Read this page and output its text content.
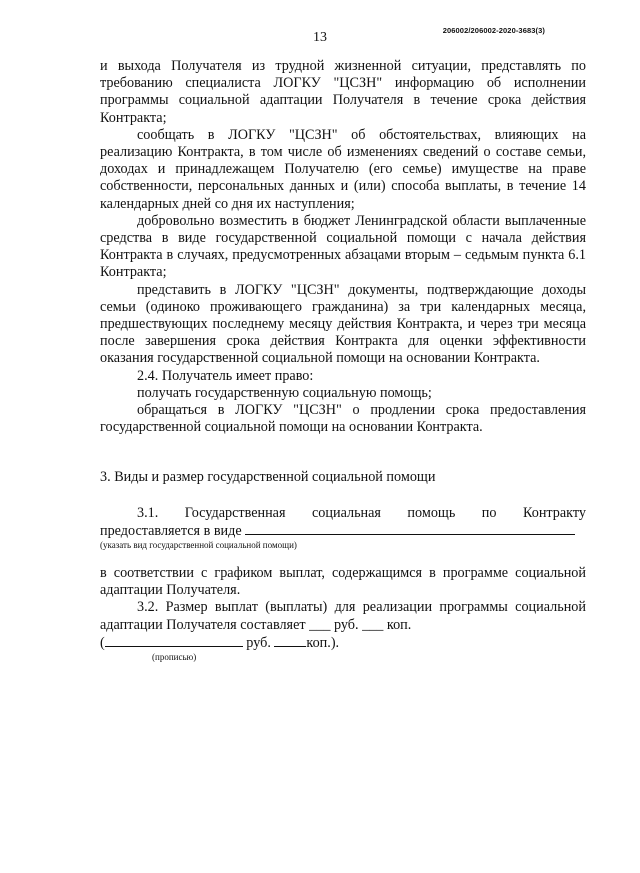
13	206002/206002-2020-3683(3)

и выхода Получателя из трудной жизненной ситуации, представлять по требованию специалиста ЛОГКУ "ЦСЗН" информацию об исполнении программы социальной адаптации Получателя в течение срока действия Контракта;

сообщать в ЛОГКУ "ЦСЗН" об обстоятельствах, влияющих на реализацию Контракта, в том числе об изменениях сведений о составе семьи, доходах и принадлежащем Получателю (его семье) имуществе на праве собственности, персональных данных и (или) способа выплаты, в течение 14 календарных дней со дня их наступления;

добровольно возместить в бюджет Ленинградской области выплаченные средства в виде государственной социальной помощи с начала действия Контракта в случаях, предусмотренных абзацами вторым – седьмым пункта 6.1 Контракта;

представить в ЛОГКУ "ЦСЗН" документы, подтверждающие доходы семьи (одиноко проживающего гражданина) за три календарных месяца, предшествующих последнему месяцу действия Контракта, и через три месяца после завершения срока действия Контракта для оценки эффективности оказания государственной социальной помощи на основании Контракта.

2.4. Получатель имеет право:

получать государственную социальную помощь;

обращаться в ЛОГКУ "ЦСЗН" о продлении срока предоставления государственной социальной помощи на основании Контракта.

3. Виды и размер государственной социальной помощи

3.1. Государственная социальная помощь по Контракту

предоставляется в виде

(указать вид государственной социальной помощи)

в соответствии с графиком выплат, содержащимся в программе социальной адаптации Получателя.

3.2. Размер выплат (выплаты) для реализации программы социальной адаптации Получателя составляет ___ руб. ___ коп.

(	руб.	коп.).

(прописью)
